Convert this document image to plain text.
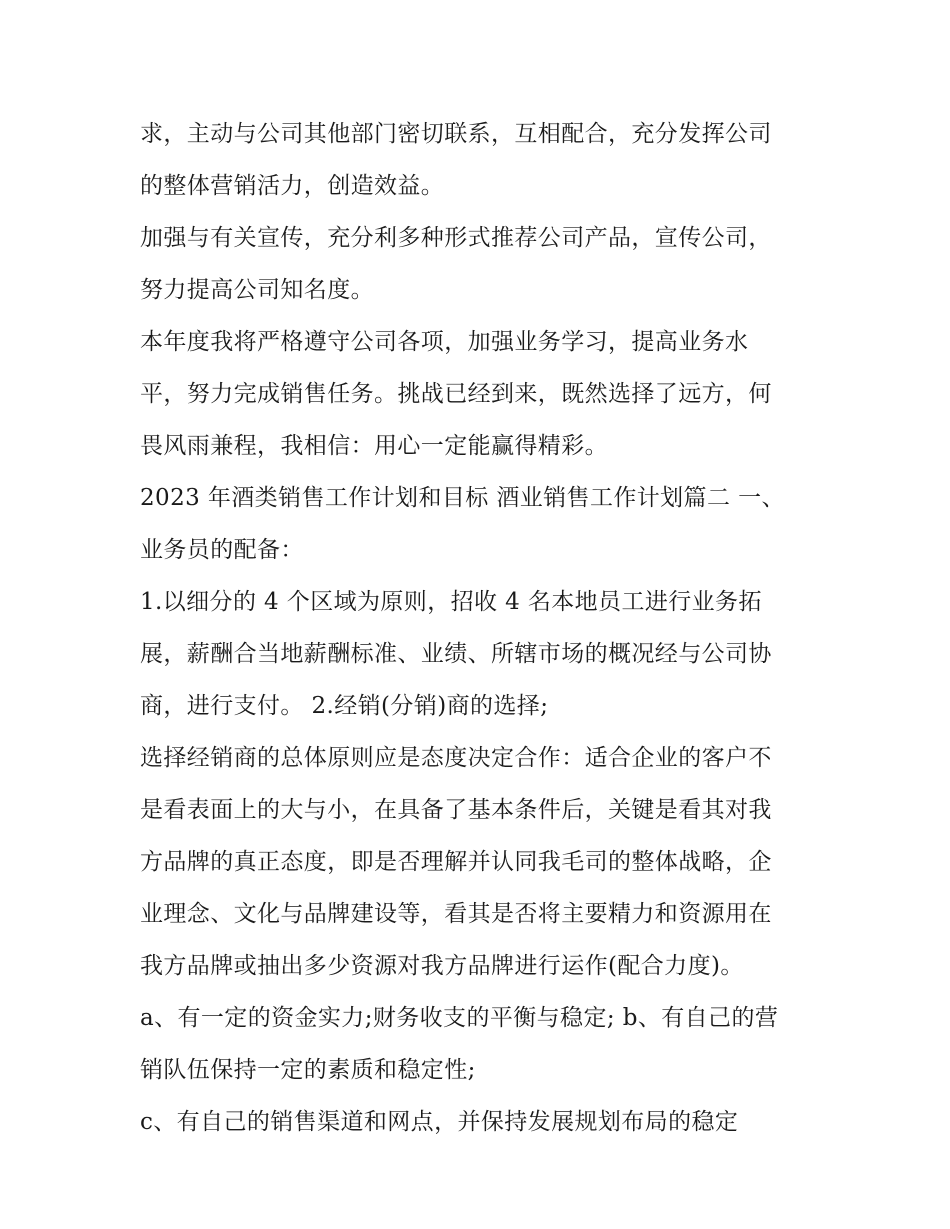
求，主动与公司其他部门密切联系，互相配合，充分发挥公司
的整体营销活力，创造效益。
加强与有关宣传，充分利多种形式推荐公司产品，宣传公司，
努力提高公司知名度。
本年度我将严格遵守公司各项，加强业务学习，提高业务水
平，努力完成销售任务。挑战已经到来，既然选择了远方，何
畏风雨兼程，我相信：用心一定能赢得精彩。
2023 年酒类销售工作计划和目标 酒业销售工作计划篇二 一、
业务员的配备：
1.以细分的 4 个区域为原则，招收 4 名本地员工进行业务拓
展，薪酬合当地薪酬标准、业绩、所辖市场的概况经与公司协
商，进行支付。 2.经销(分销)商的选择;
选择经销商的总体原则应是态度决定合作：适合企业的客户不
是看表面上的大与小，在具备了基本条件后，关键是看其对我
方品牌的真正态度，即是否理解并认同我毛司的整体战略，企
业理念、文化与品牌建设等，看其是否将主要精力和资源用在
我方品牌或抽出多少资源对我方品牌进行运作(配合力度)。
a、有一定的资金实力;财务收支的平衡与稳定; b、有自己的营
销队伍保持一定的素质和稳定性;
c、有自己的销售渠道和网点，并保持发展规划布局的稳定
